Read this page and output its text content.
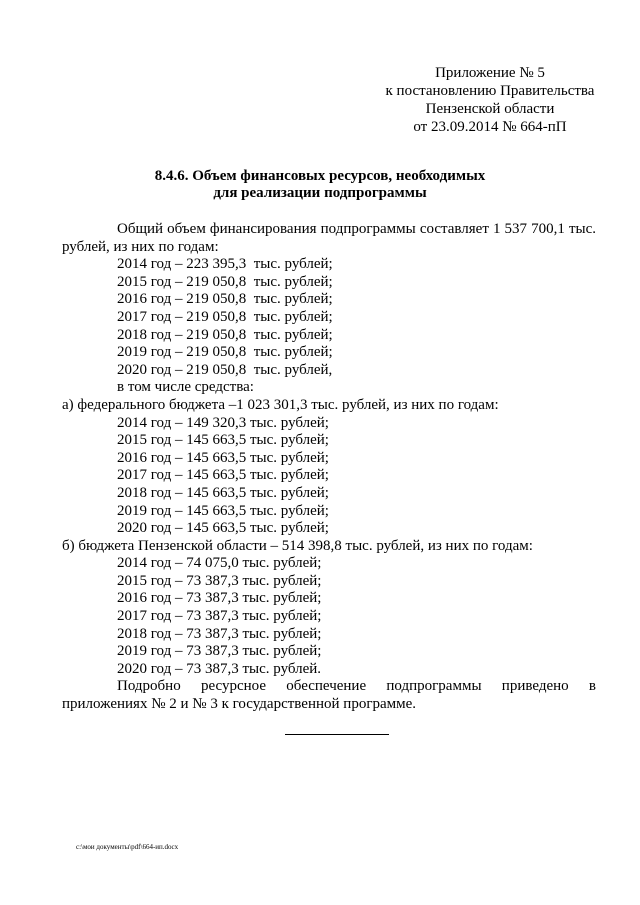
Приложение № 5
к постановлению Правительства
Пензенской области
от 23.09.2014 № 664-пП
8.4.6. Объем финансовых ресурсов, необходимых
для реализации подпрограммы

Общий объем финансирования подпрограммы составляет 1 537 700,1 тыс.

рублей, из них по годам:

2014 год – 223 395,3  тыс. рублей;

2015 год – 219 050,8  тыс. рублей;

2016 год – 219 050,8  тыс. рублей;

2017 год – 219 050,8  тыс. рублей;

2018 год – 219 050,8  тыс. рублей;

2019 год – 219 050,8  тыс. рублей;

2020 год – 219 050,8  тыс. рублей,

в том числе средства:

а) федерального бюджета –1 023 301,3 тыс. рублей, из них по годам:

2014 год – 149 320,3 тыс. рублей;

2015 год – 145 663,5 тыс. рублей;

2016 год – 145 663,5 тыс. рублей;

2017 год – 145 663,5 тыс. рублей;

2018 год – 145 663,5 тыс. рублей;

2019 год – 145 663,5 тыс. рублей;

2020 год – 145 663,5 тыс. рублей;

б) бюджета Пензенской области – 514 398,8 тыс. рублей, из них по годам:

2014 год – 74 075,0 тыс. рублей;

2015 год – 73 387,3 тыс. рублей;

2016 год – 73 387,3 тыс. рублей;

2017 год – 73 387,3 тыс. рублей;

2018 год – 73 387,3 тыс. рублей;

2019 год – 73 387,3 тыс. рублей;

2020 год – 73 387,3 тыс. рублей.

Подробно ресурсное обеспечение подпрограммы приведено в

приложениях № 2 и № 3 к государственной программе.

c:\мои документы\pdf\664-ип.docx
